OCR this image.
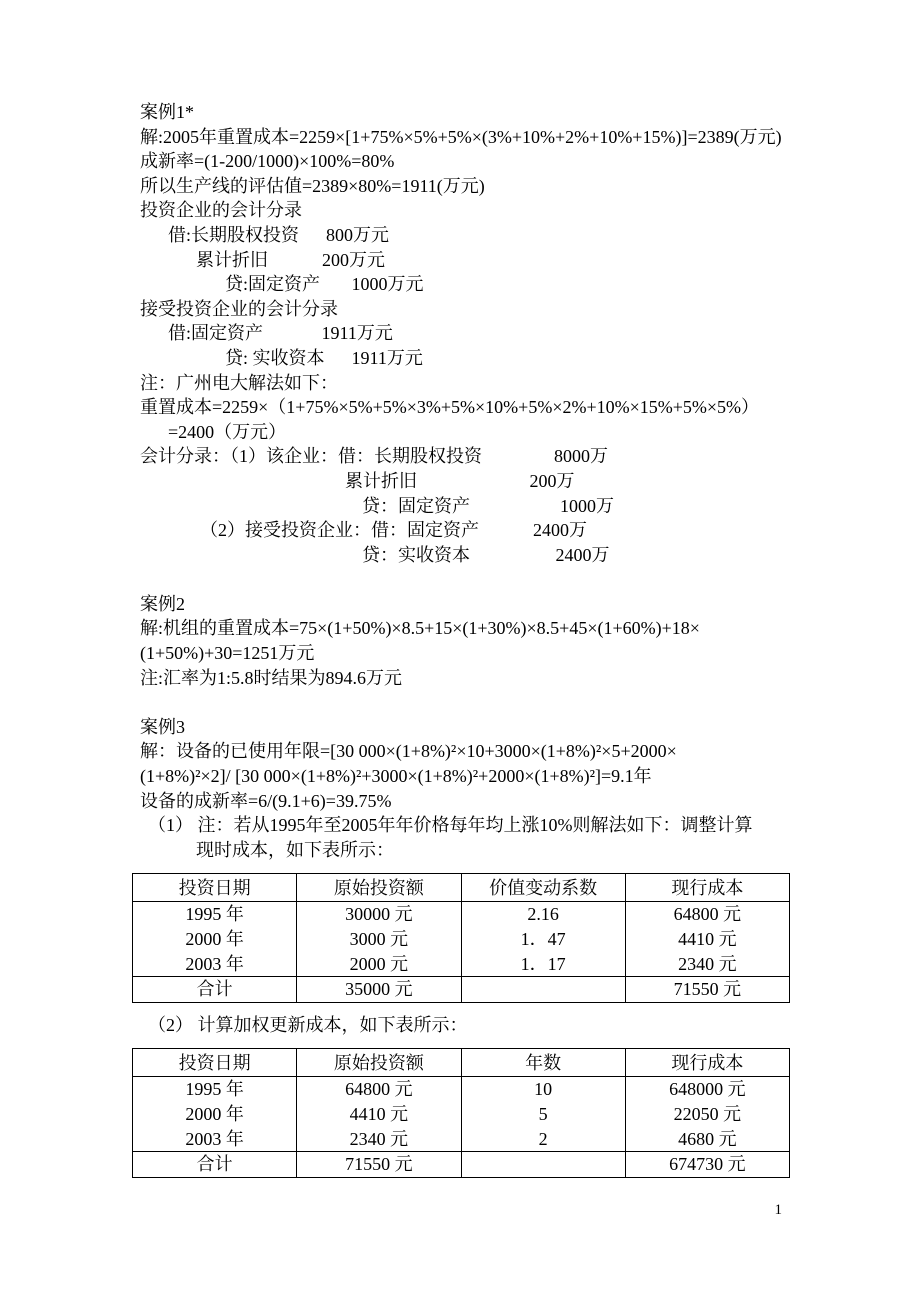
案例1*
解:2005年重置成本=2259×[1+75%×5%+5%×(3%+10%+2%+10%+15%)]=2389(万元)
成新率=(1-200/1000)×100%=80%
所以生产线的评估值=2389×80%=1911(万元)
投资企业的会计分录
借:长期股权投资      800万元
累计折旧            200万元
贷:固定资产       1000万元
接受投资企业的会计分录
借:固定资产             1911万元
贷: 实收资本      1911万元
注：广州电大解法如下：
重置成本=2259×（1+75%×5%+5%×3%+5%×10%+5%×2%+10%×15%+5%×5%）
=2400（万元）
会计分录：（1）该企业：借：长期股权投资                8000万
累计折旧                         200万
贷：固定资产                    1000万
（2）接受投资企业：借：固定资产            2400万
贷：实收资本                   2400万
案例2
解:机组的重置成本=75×(1+50%)×8.5+15×(1+30%)×8.5+45×(1+60%)+18×
(1+50%)+30=1251万元
注:汇率为1:5.8时结果为894.6万元
案例3
解：设备的已使用年限=[30 000×(1+8%)²×10+3000×(1+8%)²×5+2000×
(1+8%)²×2]/ [30 000×(1+8%)²+3000×(1+8%)²+2000×(1+8%)²]=9.1年
设备的成新率=6/(9.1+6)=39.75%
（1） 注：若从1995年至2005年年价格每年均上涨10%则解法如下：调整计算
现时成本，如下表所示：
投资日期	原始投资额	价值变动系数	现行成本
1995 年	30000 元	2.16	64800 元
2000 年	3000 元	1．47	4410 元
2003 年	2000 元	1．17	2340 元
合计	35000 元		71550 元
（2） 计算加权更新成本，如下表所示：
投资日期	原始投资额	年数	现行成本
1995 年	64800 元	10	648000 元
2000 年	4410 元	5	22050 元
2003 年	2340 元	2	4680 元
合计	71550 元		674730 元
1
